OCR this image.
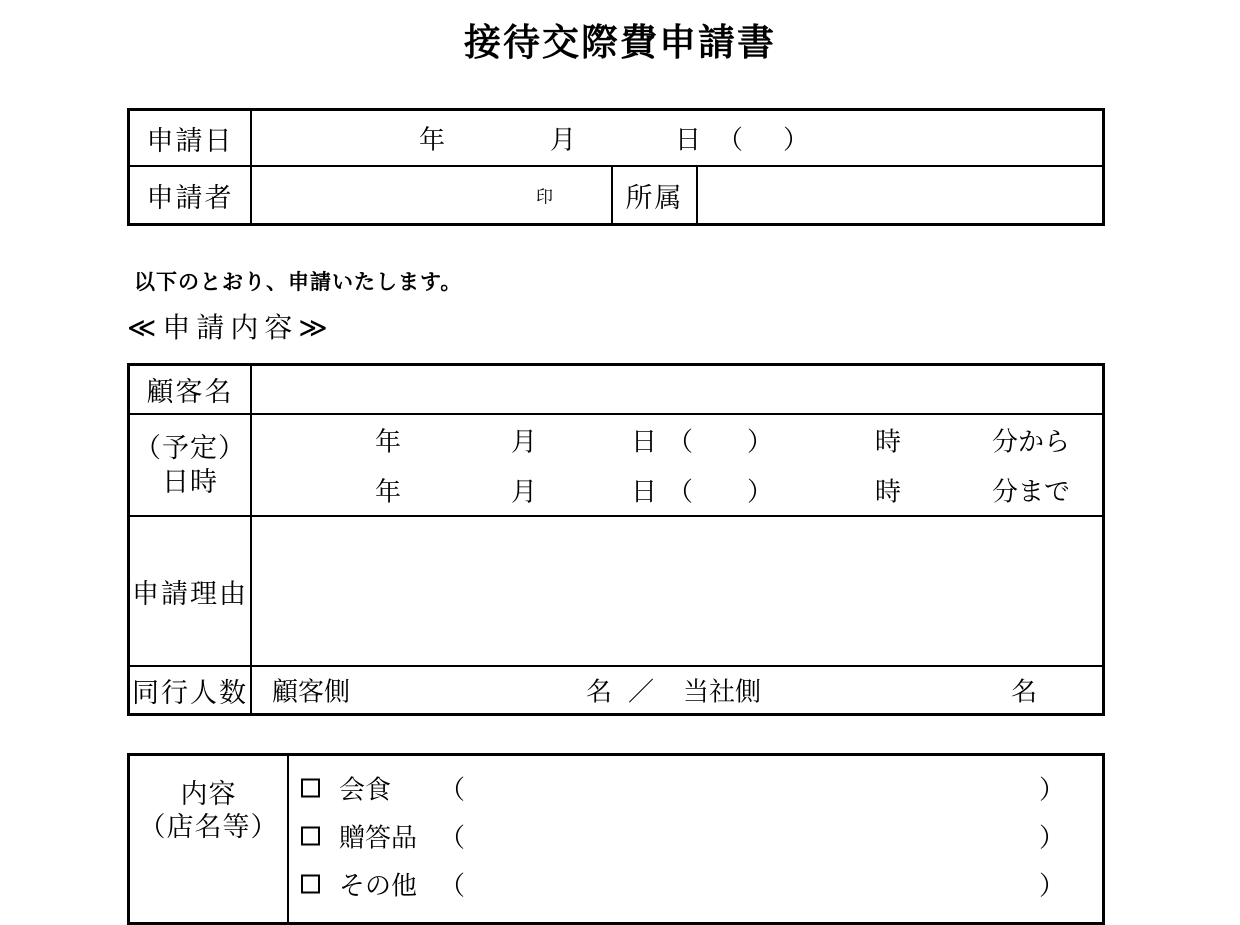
接待交際費申請書
申請日	年	月	日 （ ）
申請者	印	所属
以下のとおり、申請いたします。
≪申請内容≫
顧客名
（予定）
日時
年	月	日 （ ）	時	分から
年	月	日 （ ）	時	分まで
申請理由
同行人数 顧客側	名 ／ 当社側	名
内容
（店名等）
会食 （	）
贈答品 （	）
その他 （	）
